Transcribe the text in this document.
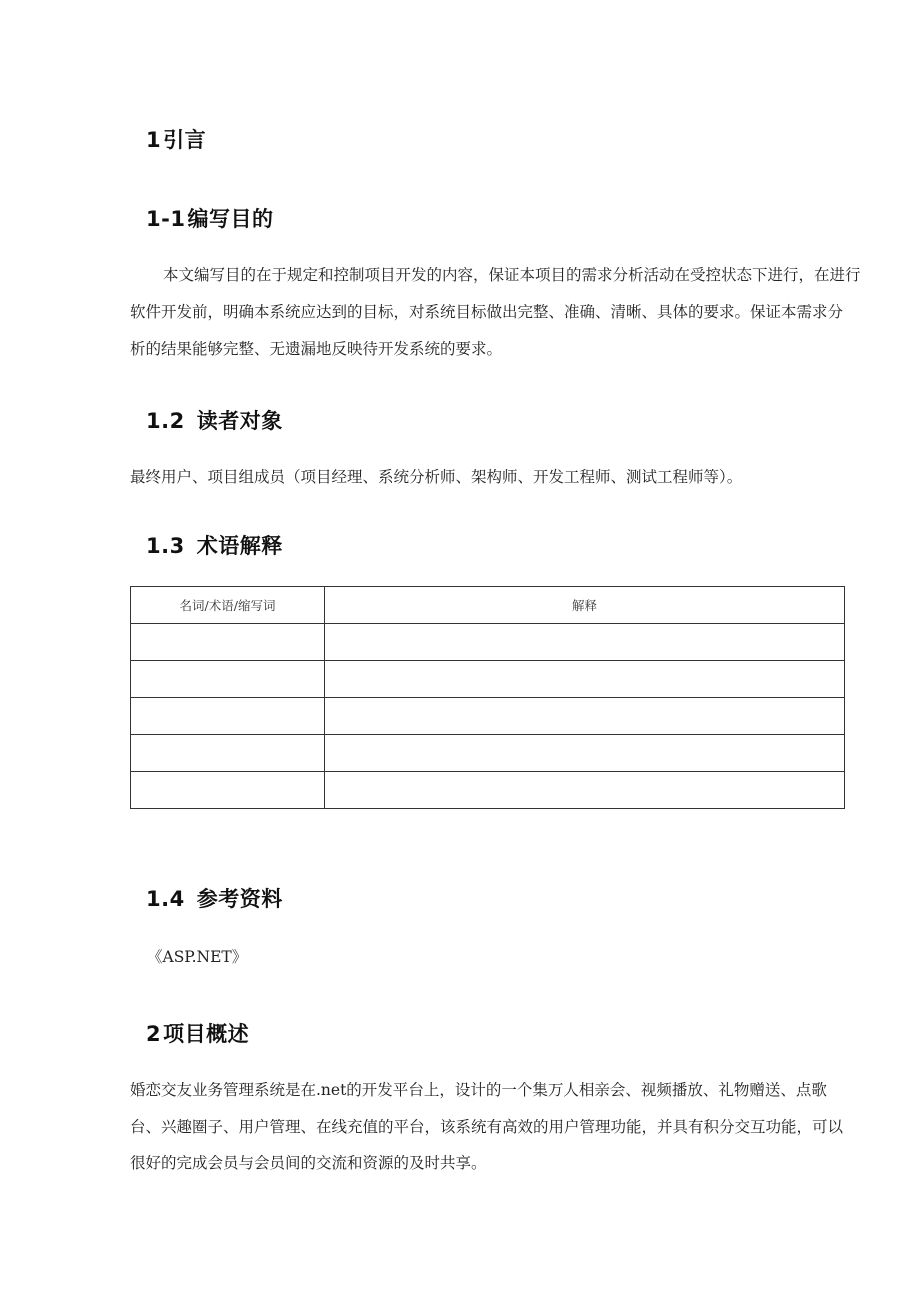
1引言
1-1编写目的
本文编写目的在于规定和控制项目开发的内容，保证本项目的需求分析活动在受控状态下进行，在进行
软件开发前，明确本系统应达到的目标，对系统目标做出完整、准确、清晰、具体的要求。保证本需求分
析的结果能够完整、无遗漏地反映待开发系统的要求。
1.2 读者对象
最终用户、项目组成员（项目经理、系统分析师、架构师、开发工程师、测试工程师等）。
1.3 术语解释
名词/术语/缩写词	解释

1.4 参考资料
《ASP.NET》
2项目概述
婚恋交友业务管理系统是在.net的开发平台上，设计的一个集万人相亲会、视频播放、礼物赠送、点歌
台、兴趣圈子、用户管理、在线充值的平台，该系统有高效的用户管理功能，并具有积分交互功能，可以
很好的完成会员与会员间的交流和资源的及时共享。
